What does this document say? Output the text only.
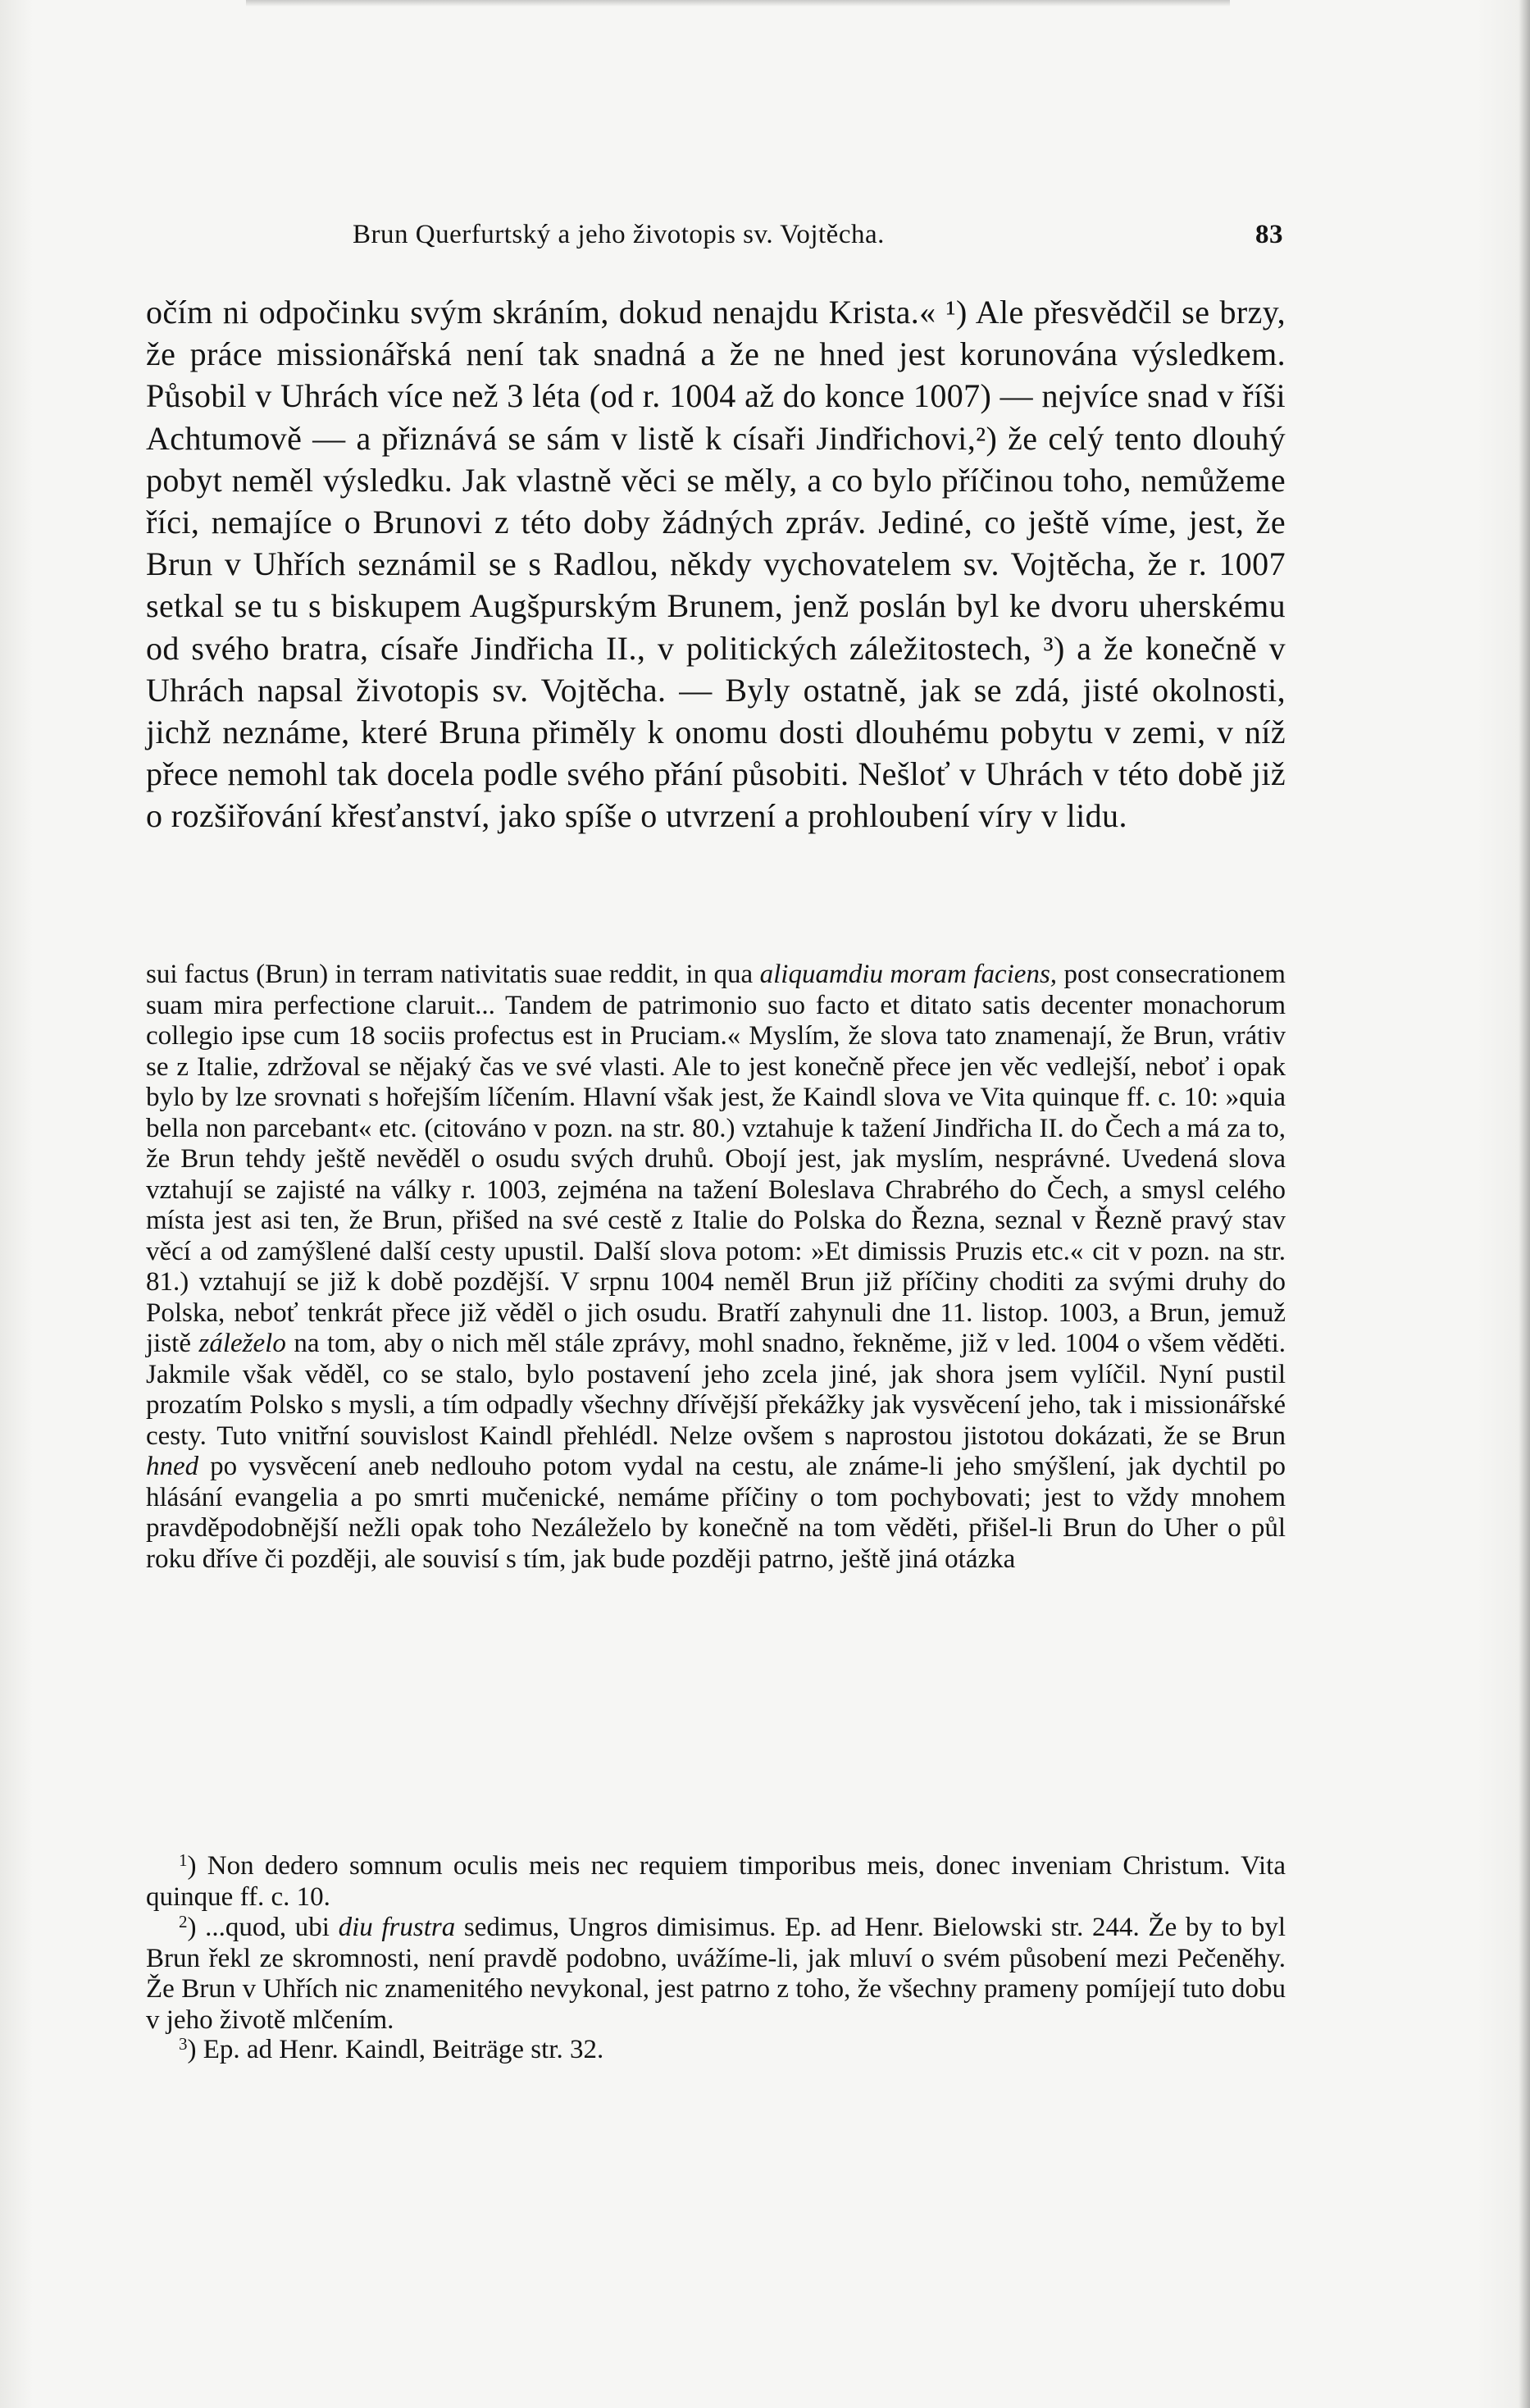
Brun Querfurtský a jeho životopis sv. Vojtěcha.	83

očím ni odpočinku svým skráním, dokud nenajdu Krista.« ¹) Ale přesvědčil se brzy, že práce missionářská není tak snadná a že ne hned jest korunována výsledkem. Působil v Uhrách více než 3 léta (od r. 1004 až do konce 1007) — nejvíce snad v říši Achtumově — a přiznává se sám v listě k císaři Jindřichovi,²) že celý tento dlouhý pobyt neměl výsledku. Jak vlastně věci se měly, a co bylo příčinou toho, nemůžeme říci, nemajíce o Brunovi z této doby žádných zpráv. Jediné, co ještě víme, jest, že Brun v Uhřích seznámil se s Radlou, někdy vychovatelem sv. Vojtěcha, že r. 1007 setkal se tu s biskupem Augšpurským Brunem, jenž poslán byl ke dvoru uherskému od svého bratra, císaře Jindřicha II., v politických záležitostech, ³) a že konečně v Uhrách napsal životopis sv. Vojtěcha. — Byly ostatně, jak se zdá, jisté okolnosti, jichž neznáme, které Bruna přiměly k onomu dosti dlouhému pobytu v zemi, v níž přece nemohl tak docela podle svého přání působiti. Nešloť v Uhrách v této době již o rozšiřování křesťanství, jako spíše o utvrzení a prohloubení víry v lidu.

sui factus (Brun) in terram nativitatis suae reddit, in qua aliquamdiu moram faciens, post consecrationem suam mira perfectione claruit... Tandem de patrimonio suo facto et ditato satis decenter monachorum collegio ipse cum 18 sociis profectus est in Pruciam.« Myslím, že slova tato znamenají, že Brun, vrátiv se z Italie, zdržoval se nějaký čas ve své vlasti. Ale to jest konečně přece jen věc vedlejší, neboť i opak bylo by lze srovnati s hořejším líčením. Hlavní však jest, že Kaindl slova ve Vita quinque ff. c. 10: »quia bella non parcebant« etc. (citováno v pozn. na str. 80.) vztahuje k tažení Jindřicha II. do Čech a má za to, že Brun tehdy ještě nevěděl o osudu svých druhů. Obojí jest, jak myslím, nesprávné. Uvedená slova vztahují se zajisté na války r. 1003, zejména na tažení Boleslava Chrabrého do Čech, a smysl celého místa jest asi ten, že Brun, přišed na své cestě z Italie do Polska do Řezna, seznal v Řezně pravý stav věcí a od zamýšlené další cesty upustil. Další slova potom: »Et dimissis Pruzis etc.« cit v pozn. na str. 81.) vztahují se již k době pozdější. V srpnu 1004 neměl Brun již příčiny choditi za svými druhy do Polska, neboť tenkrát přece již věděl o jich osudu. Bratří zahynuli dne 11. listop. 1003, a Brun, jemuž jistě záleželo na tom, aby o nich měl stále zprávy, mohl snadno, řekněme, již v led. 1004 o všem věděti. Jakmile však věděl, co se stalo, bylo postavení jeho zcela jiné, jak shora jsem vylíčil. Nyní pustil prozatím Polsko s mysli, a tím odpadly všechny dřívější překážky jak vysvěcení jeho, tak i missionářské cesty. Tuto vnitřní souvislost Kaindl přehlédl. Nelze ovšem s naprostou jistotou dokázati, že se Brun hned po vysvěcení aneb nedlouho potom vydal na cestu, ale známe-li jeho smýšlení, jak dychtil po hlásání evangelia a po smrti mučenické, nemáme příčiny o tom pochybovati; jest to vždy mnohem pravděpodobnější nežli opak toho Nezáleželo by konečně na tom věděti, přišel-li Brun do Uher o půl roku dříve či později, ale souvisí s tím, jak bude později patrno, ještě jiná otázka

$^1$) Non dedero somnum oculis meis nec requiem timporibus meis, donec inveniam Christum. Vita quinque ff. c. 10.

$^2$) ...quod, ubi diu frustra sedimus, Ungros dimisimus. Ep. ad Henr. Bielowski str. 244. Že by to byl Brun řekl ze skromnosti, není pravdě podobno, uvážíme-li, jak mluví o svém působení mezi Pečeněhy. Že Brun v Uhřích nic znamenitého nevykonal, jest patrno z toho, že všechny prameny pomíjejí tuto dobu v jeho životě mlčením.

$^3$) Ep. ad Henr. Kaindl, Beiträge str. 32.
